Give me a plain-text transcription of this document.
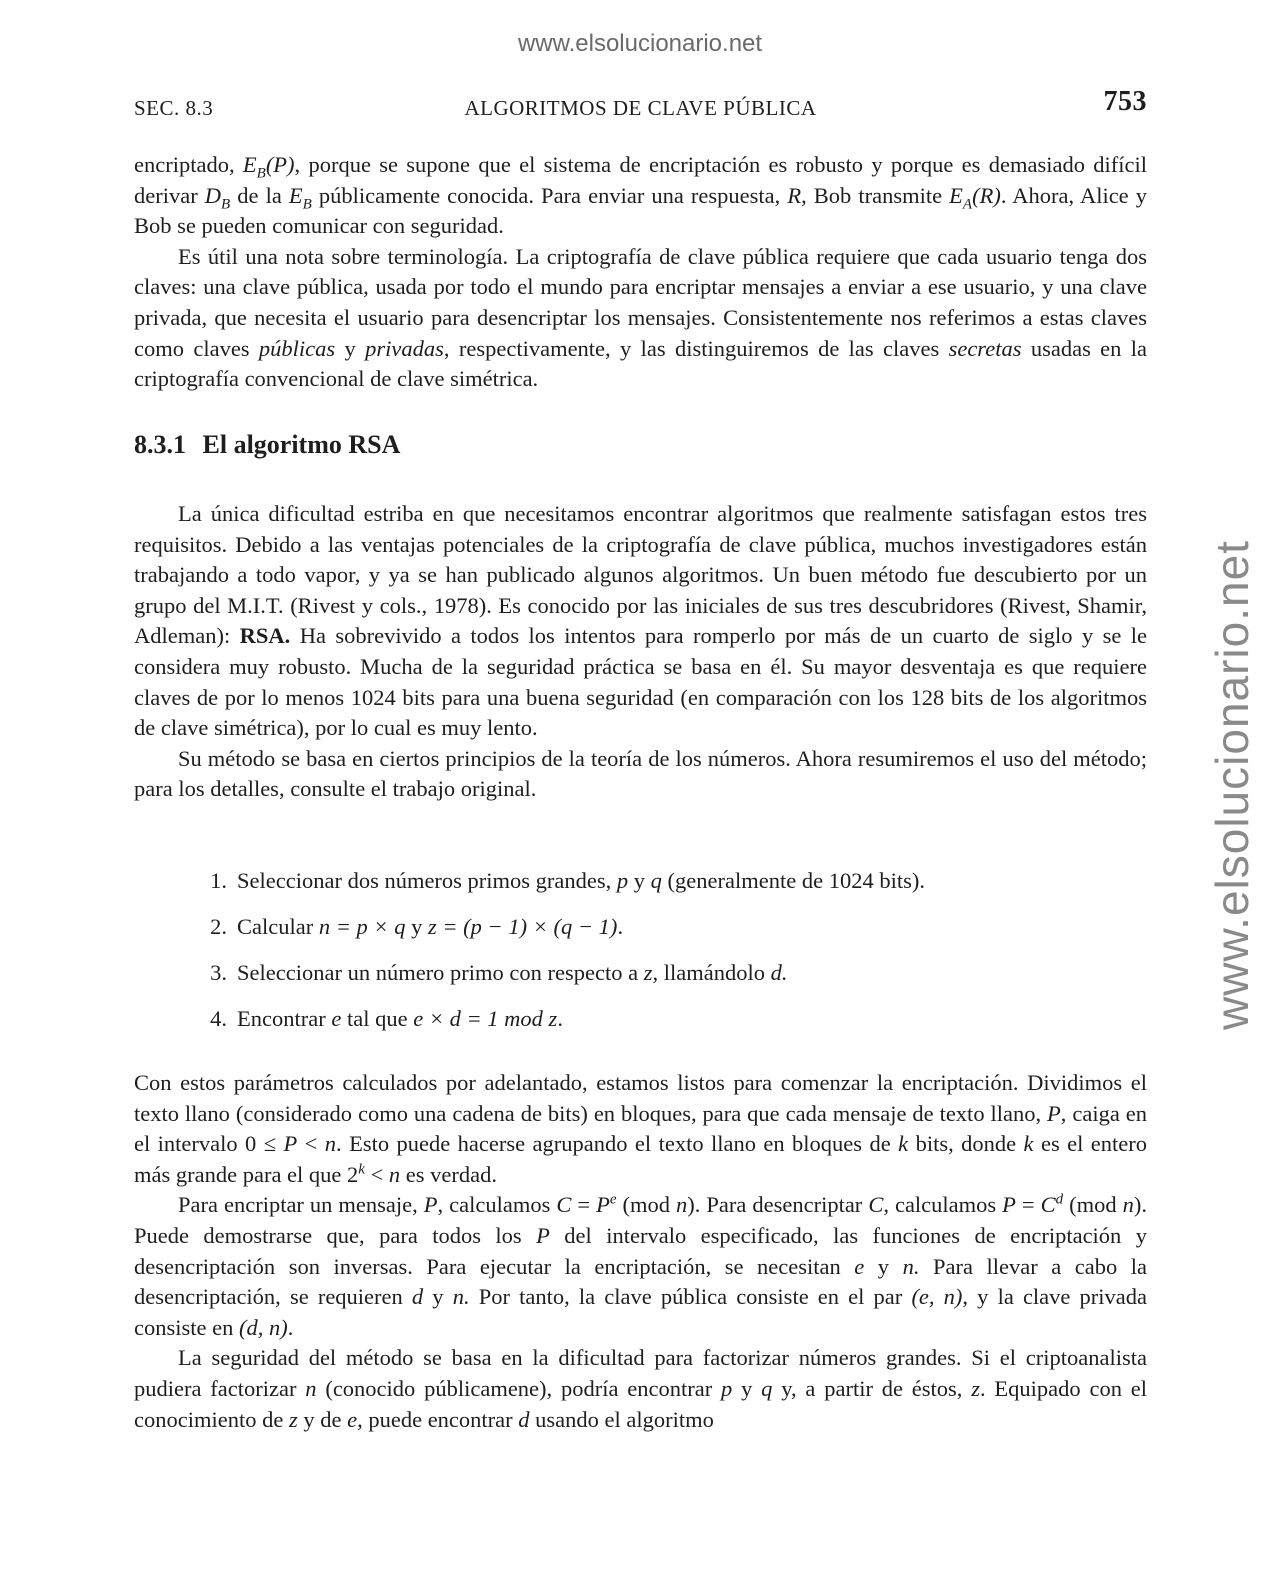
www.elsolucionario.net
www.elsolucionario.net
SEC. 8.3	ALGORITMOS DE CLAVE PÚBLICA	753

encriptado, $E_B(P)$, porque se supone que el sistema de encriptación es robusto y porque es demasiado difícil derivar $D_B$ de la $E_B$ públicamente conocida. Para enviar una respuesta, R, Bob transmite $E_A(R)$. Ahora, Alice y Bob se pueden comunicar con seguridad.

Es útil una nota sobre terminología. La criptografía de clave pública requiere que cada usuario tenga dos claves: una clave pública, usada por todo el mundo para encriptar mensajes a enviar a ese usuario, y una clave privada, que necesita el usuario para desencriptar los mensajes. Consistentemente nos referimos a estas claves como claves públicas y privadas, respectivamente, y las distinguiremos de las claves secretas usadas en la criptografía convencional de clave simétrica.

8.3.1 El algoritmo RSA

La única dificultad estriba en que necesitamos encontrar algoritmos que realmente satisfagan estos tres requisitos. Debido a las ventajas potenciales de la criptografía de clave pública, muchos investigadores están trabajando a todo vapor, y ya se han publicado algunos algoritmos. Un buen método fue descubierto por un grupo del M.I.T. (Rivest y cols., 1978). Es conocido por las iniciales de sus tres descubridores (Rivest, Shamir, Adleman): RSA. Ha sobrevivido a todos los intentos para romperlo por más de un cuarto de siglo y se le considera muy robusto. Mucha de la seguridad práctica se basa en él. Su mayor desventaja es que requiere claves de por lo menos 1024 bits para una buena seguridad (en comparación con los 128 bits de los algoritmos de clave simétrica), por lo cual es muy lento.

Su método se basa en ciertos principios de la teoría de los números. Ahora resumiremos el uso del método; para los detalles, consulte el trabajo original.

1. Seleccionar dos números primos grandes, p y q (generalmente de 1024 bits).
2. Calcular n = p × q y z = (p − 1) × (q − 1).
3. Seleccionar un número primo con respecto a z, llamándolo d.
4. Encontrar e tal que e × d = 1 mod z.

Con estos parámetros calculados por adelantado, estamos listos para comenzar la encriptación. Dividimos el texto llano (considerado como una cadena de bits) en bloques, para que cada mensaje de texto llano, P, caiga en el intervalo 0 ≤ P < n. Esto puede hacerse agrupando el texto llano en bloques de k bits, donde k es el entero más grande para el que $2^k < n$ es verdad.

Para encriptar un mensaje, P, calculamos $C = P^e$ (mod n). Para desencriptar C, calculamos $P = C^d$ (mod n). Puede demostrarse que, para todos los P del intervalo especificado, las funciones de encriptación y desencriptación son inversas. Para ejecutar la encriptación, se necesitan e y n. Para llevar a cabo la desencriptación, se requieren d y n. Por tanto, la clave pública consiste en el par (e, n), y la clave privada consiste en (d, n).

La seguridad del método se basa en la dificultad para factorizar números grandes. Si el criptoanalista pudiera factorizar n (conocido públicamene), podría encontrar p y q y, a partir de éstos, z. Equipado con el conocimiento de z y de e, puede encontrar d usando el algoritmo
